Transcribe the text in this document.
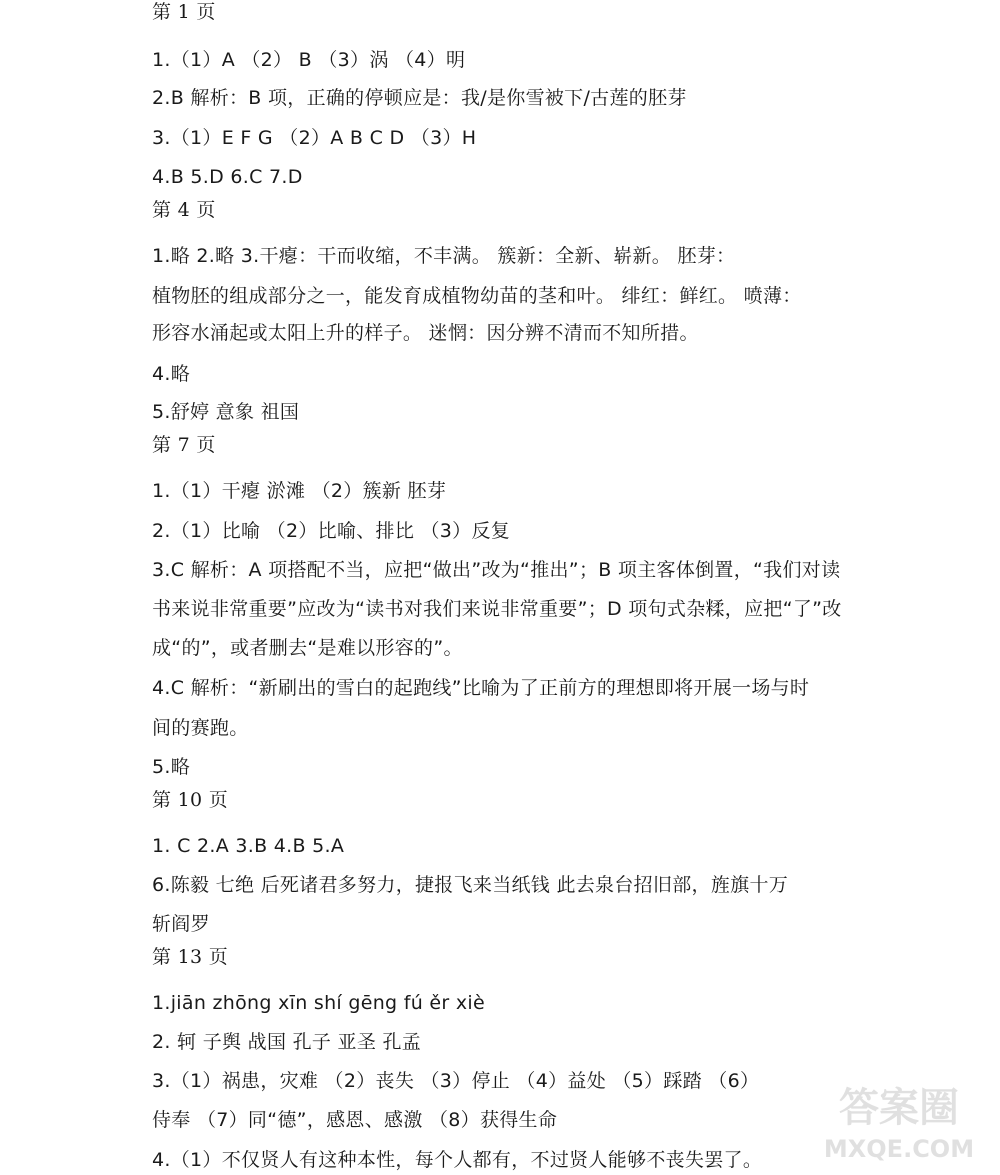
第 1 页
1.（1）A （2） B （3）涡 （4）明
2.B 解析：B 项，正确的停顿应是：我/是你雪被下/古莲的胚芽
3.（1）E F G （2）A B C D （3）H
4.B 5.D 6.C 7.D
第 4 页
1.略 2.略 3.干瘪：干而收缩，不丰满。 簇新：全新、崭新。 胚芽：
植物胚的组成部分之一，能发育成植物幼苗的茎和叶。 绯红：鲜红。 喷薄：
形容水涌起或太阳上升的样子。 迷惘：因分辨不清而不知所措。
4.略
5.舒婷 意象 祖国
第 7 页
1.（1）干瘪 淤滩 （2）簇新 胚芽
2.（1）比喻 （2）比喻、排比 （3）反复
3.C 解析：A 项搭配不当，应把“做出”改为“推出”；B 项主客体倒置，“我们对读
书来说非常重要”应改为“读书对我们来说非常重要”；D 项句式杂糅，应把“了”改
成“的”，或者删去“是难以形容的”。
4.C 解析：“新刷出的雪白的起跑线”比喻为了正前方的理想即将开展一场与时
间的赛跑。
5.略
第 10 页
1. C 2.A 3.B 4.B 5.A
6.陈毅 七绝 后死诸君多努力，捷报飞来当纸钱 此去泉台招旧部，旌旗十万
斩阎罗
第 13 页
1.jiān zhōng xīn shí gēng fú ěr xiè
2. 轲 子舆 战国 孔子 亚圣 孔孟
3.（1）祸患，灾难 （2）丧失 （3）停止 （4）益处 （5）踩踏 （6）
侍奉 （7）同“德”，感恩、感激 （8）获得生命
4.（1）不仅贤人有这种本性，每个人都有，不过贤人能够不丧失罢了。
答案圈
MXQE.COM
